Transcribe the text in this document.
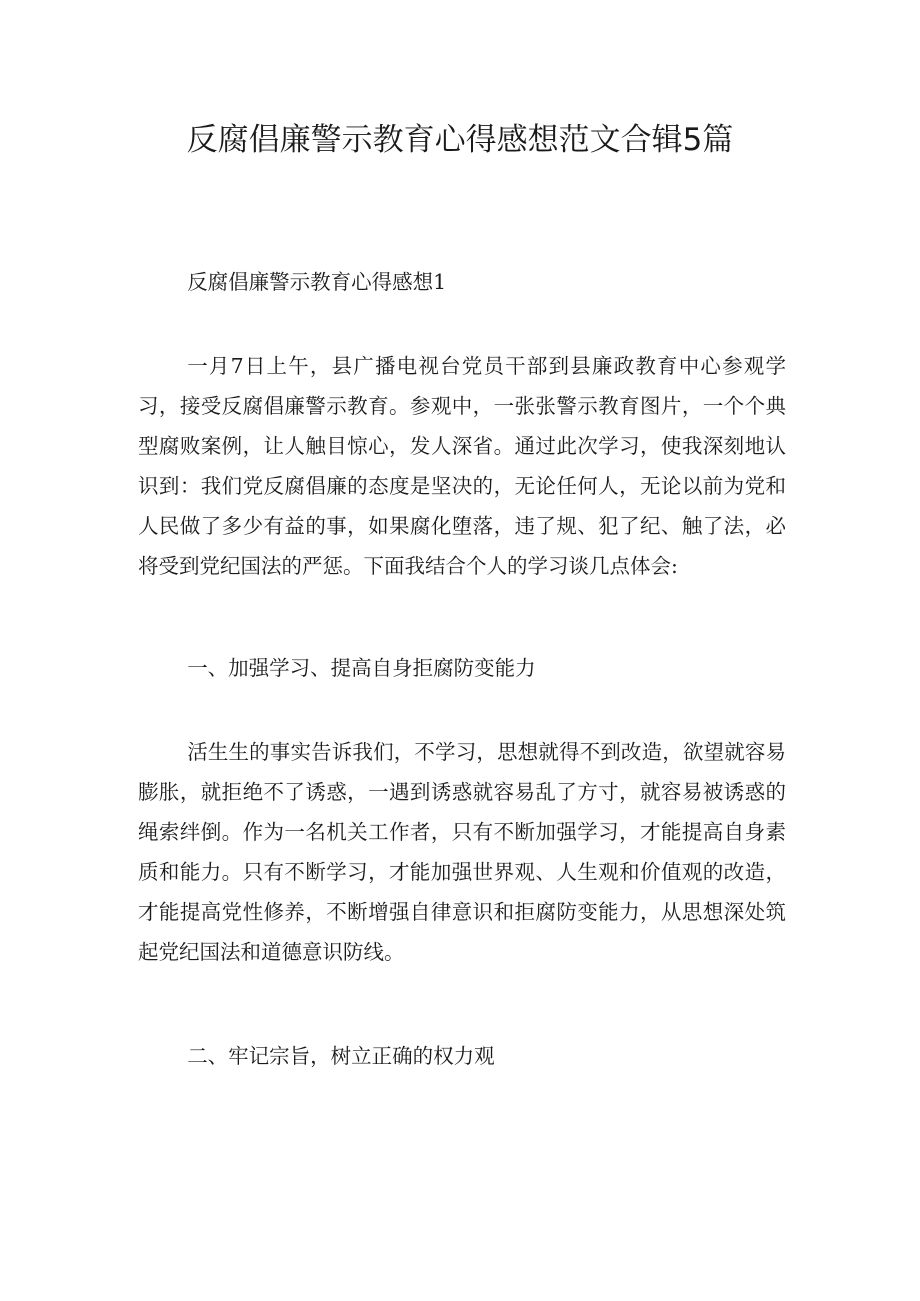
反腐倡廉警示教育心得感想范文合辑5篇

反腐倡廉警示教育心得感想1

一月7日上午，县广播电视台党员干部到县廉政教育中心参观学习，接受反腐倡廉警示教育。参观中，一张张警示教育图片，一个个典型腐败案例，让人触目惊心，发人深省。通过此次学习，使我深刻地认识到：我们党反腐倡廉的态度是坚决的，无论任何人，无论以前为党和人民做了多少有益的事，如果腐化堕落，违了规、犯了纪、触了法，必将受到党纪国法的严惩。下面我结合个人的学习谈几点体会:

一、加强学习、提高自身拒腐防变能力

活生生的事实告诉我们，不学习，思想就得不到改造，欲望就容易膨胀，就拒绝不了诱惑，一遇到诱惑就容易乱了方寸，就容易被诱惑的绳索绊倒。作为一名机关工作者，只有不断加强学习，才能提高自身素质和能力。只有不断学习，才能加强世界观、人生观和价值观的改造，才能提高党性修养，不断增强自律意识和拒腐防变能力，从思想深处筑起党纪国法和道德意识防线。

二、牢记宗旨，树立正确的权力观
